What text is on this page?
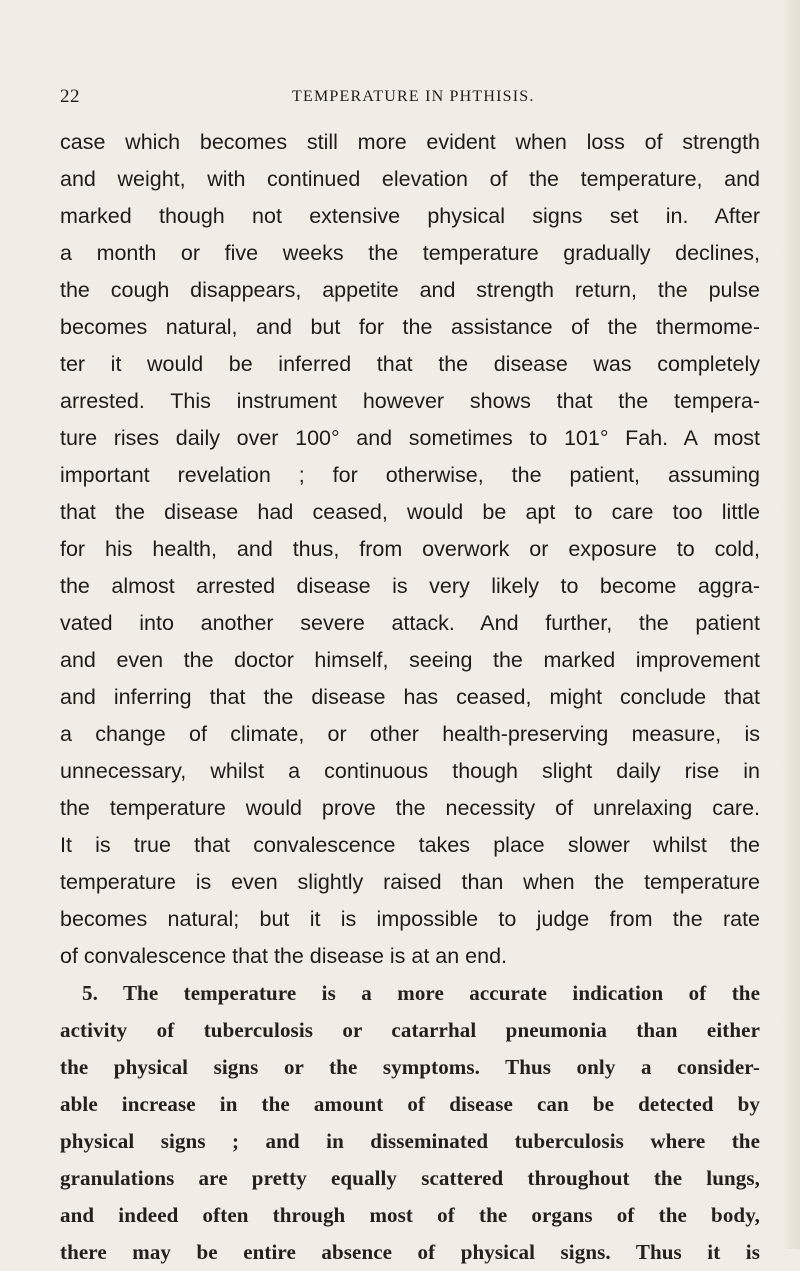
22	TEMPERATURE IN PHTHISIS.
case which becomes still more evident when loss of strength
and weight, with continued elevation of the temperature, and
marked though not extensive physical signs set in. After
a month or five weeks the temperature gradually declines,
the cough disappears, appetite and strength return, the pulse
becomes natural, and but for the assistance of the thermome-
ter it would be inferred that the disease was completely
arrested. This instrument however shows that the tempera-
ture rises daily over 100° and sometimes to 101° Fah. A most
important revelation ; for otherwise, the patient, assuming
that the disease had ceased, would be apt to care too little
for his health, and thus, from overwork or exposure to cold,
the almost arrested disease is very likely to become aggra-
vated into another severe attack. And further, the patient
and even the doctor himself, seeing the marked improvement
and inferring that the disease has ceased, might conclude that
a change of climate, or other health-preserving measure, is
unnecessary, whilst a continuous though slight daily rise in
the temperature would prove the necessity of unrelaxing care.
It is true that convalescence takes place slower whilst the
temperature is even slightly raised than when the temperature
becomes natural; but it is impossible to judge from the rate
of convalescence that the disease is at an end.
5. The temperature is a more accurate indication of the
activity of tuberculosis or catarrhal pneumonia than either
the physical signs or the symptoms. Thus only a consider-
able increase in the amount of disease can be detected by
physical signs ; and in disseminated tuberculosis where the
granulations are pretty equally scattered throughout the lungs,
and indeed often through most of the organs of the body,
there may be entire absence of physical signs. Thus it is
